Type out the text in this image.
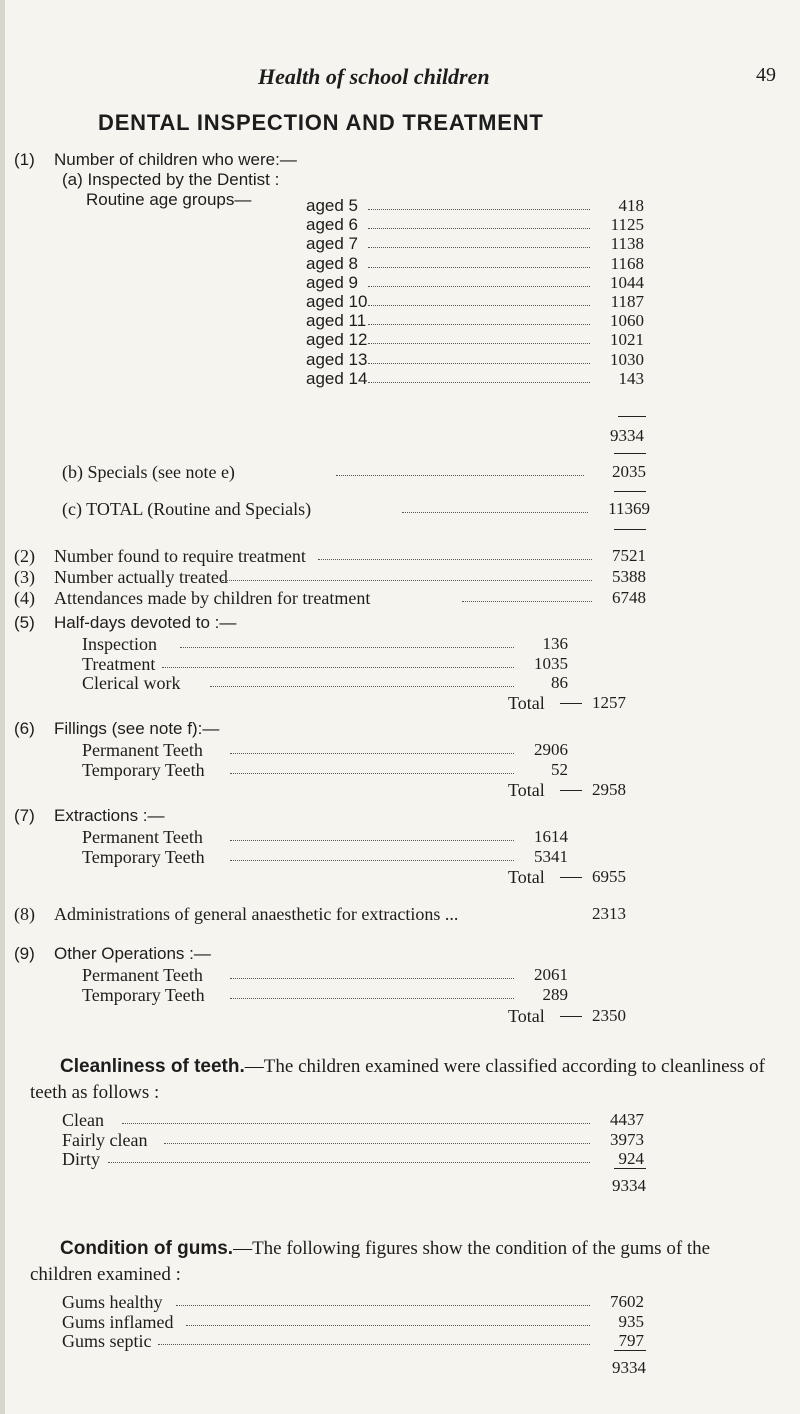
Health of school children	49
DENTAL INSPECTION AND TREATMENT
(1) Number of children who were:—
(a) Inspected by the Dentist :
Routine age groups—	aged 5	418
aged 6	1125
aged 7	1138
aged 8	1168
aged 9	1044
aged 10	1187
aged 11	1060
aged 12	1021
aged 13	1030
aged 14	143
9334
(b) Specials (see note e)	2035
(c) TOTAL (Routine and Specials)	11369
(2) Number found to require treatment	7521
(3) Number actually treated	5388
(4) Attendances made by children for treatment	6748
(5) Half-days devoted to :—
Inspection	136
Treatment	1035
Clerical work	86
Total	1257
(6) Fillings (see note f):—
Permanent Teeth	2906
Temporary Teeth	52
Total	2958
(7) Extractions :—
Permanent Teeth	1614
Temporary Teeth	5341
Total	6955
(8) Administrations of general anaesthetic for extractions ...	2313
(9) Other Operations :—
Permanent Teeth	2061
Temporary Teeth	289
Total	2350
Cleanliness of teeth.—The children examined were classified according to cleanliness of teeth as follows :
Clean	4437
Fairly clean	3973
Dirty	924
9334
Condition of gums.—The following figures show the condition of the gums of the children examined :
Gums healthy	7602
Gums inflamed	935
Gums septic	797
9334
